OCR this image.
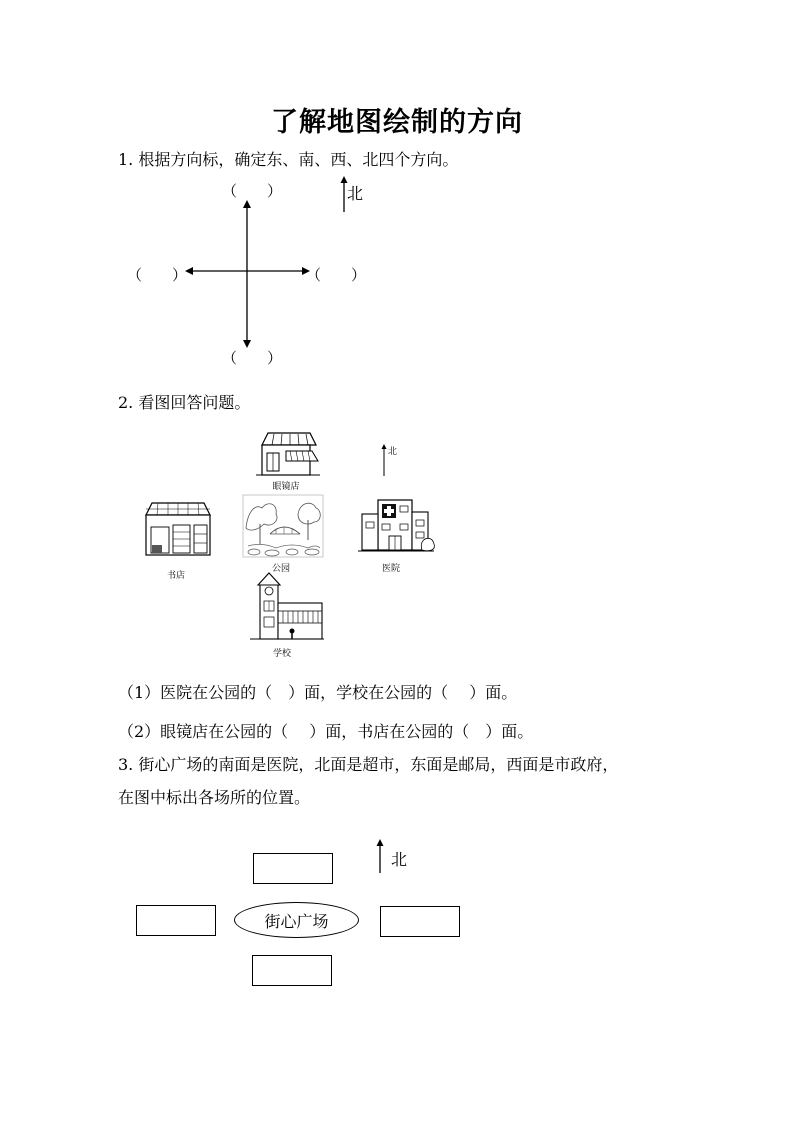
了解地图绘制的方向
1. 根据方向标，确定东、南、西、北四个方向。
北
（　　）
（　　）	（　　）
（　　）
2. 看图回答问题。
北
眼镜店
书店
公园	医院
学校
（1）医院在公园的（　）面，学校在公园的（　 ）面。
（2）眼镜店在公园的（　 ）面，书店在公园的（　）面。
3. 街心广场的南面是医院，北面是超市，东面是邮局，西面是市政府，
在图中标出各场所的位置。
北
街心广场
